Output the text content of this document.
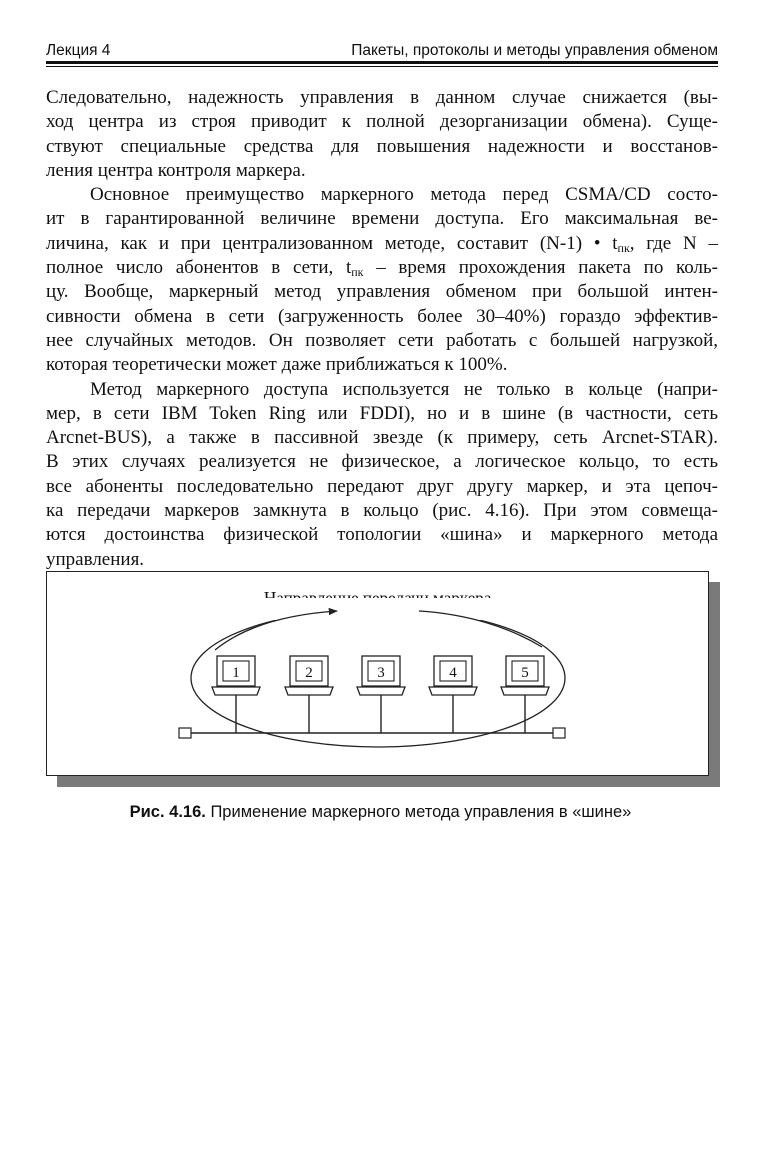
Лекция 4	Пакеты, протоколы и методы управления обменом

Следовательно, надежность управления в данном случае снижается (вы-
ход центра из строя приводит к полной дезорганизации обмена). Суще-
ствуют специальные средства для повышения надежности и восстанов-
ления центра контроля маркера.

Основное преимущество маркерного метода перед CSMA/CD состо-
ит в гарантированной величине времени доступа. Его максимальная ве-
личина, как и при централизованном методе, составит (N-1) • $t_{пк}$, где N –
полное число абонентов в сети, $t_{пк}$ – время прохождения пакета по коль-
цу. Вообще, маркерный метод управления обменом при большой интен-
сивности обмена в сети (загруженность более 30–40%) гораздо эффектив-
нее случайных методов. Он позволяет сети работать с большей нагрузкой,
которая теоретически может даже приближаться к 100%.

Метод маркерного доступа используется не только в кольце (напри-
мер, в сети IBM Token Ring или FDDI), но и в шине (в частности, сеть
Arcnet-BUS), а также в пассивной звезде (к примеру, сеть Arcnet-STAR).
В этих случаях реализуется не физическое, а логическое кольцо, то есть
все абоненты последовательно передают друг другу маркер, и эта цепоч-
ка передачи маркеров замкнута в кольцо (рис. 4.16). При этом совмеща-
ются достоинства физической топологии «шина» и маркерного метода
управления.

1	2	3	4	5
Рис. 4.16. Применение маркерного метода управления в «шине»
